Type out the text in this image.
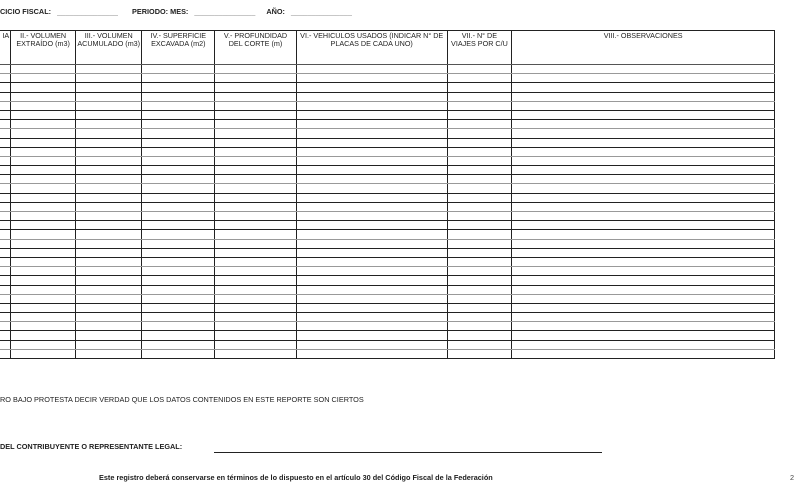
CICIO FISCAL: _______________ PERIODO: MES: _______________ AÑO: _______________
IA	II.- VOLUMEN EXTRAÍDO (m3)	III.- VOLUMEN ACUMULADO (m3)	IV.- SUPERFICIE EXCAVADA (m2)	V.- PROFUNDIDAD DEL CORTE (m)	VI.- VEHICULOS USADOS (INDICAR N° DE PLACAS DE CADA UNO)	VII.- N° DE VIAJES POR C/U	VIII.- OBSERVACIONES

RO BAJO PROTESTA DECIR VERDAD QUE LOS DATOS CONTENIDOS EN ESTE REPORTE SON CIERTOS
DEL CONTRIBUYENTE O REPRESENTANTE LEGAL:
Este registro deberá conservarse en términos de lo dispuesto en el artículo 30 del Código Fiscal de la Federación	2
